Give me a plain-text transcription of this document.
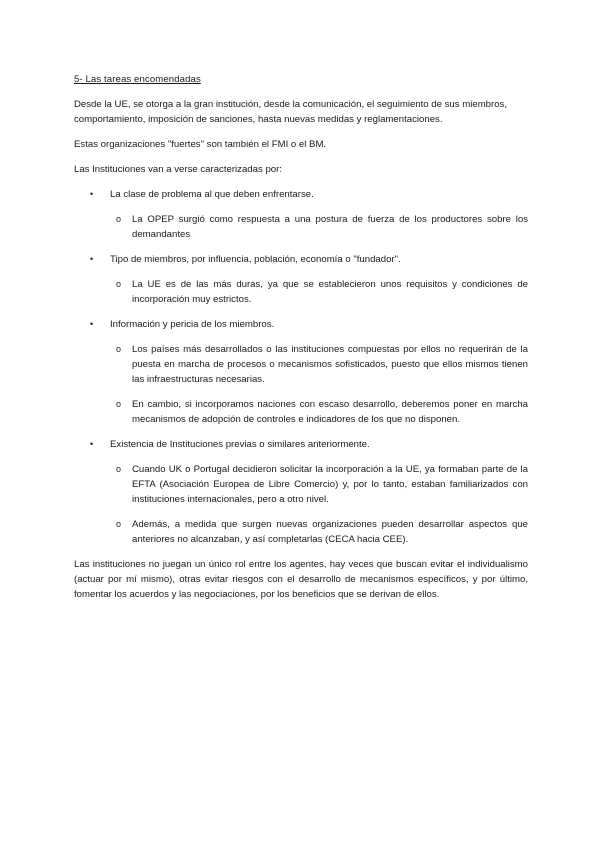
5- Las tareas encomendadas

Desde la UE, se otorga a la gran institución, desde la comunicación, el seguimiento de sus miembros, comportamiento, imposición de sanciones, hasta nuevas medidas y reglamentaciones.

Estas organizaciones "fuertes" son también el FMI o el BM.

Las Instituciones van a verse caracterizadas por:

• La clase de problema al que deben enfrentarse.
o La OPEP surgió como respuesta a una postura de fuerza de los productores sobre los demandantes
• Tipo de miembros, por influencia, población, economía o "fundador".
o La UE es de las más duras, ya que se establecieron unos requisitos y condiciones de incorporación muy estrictos.
• Información y pericia de los miembros.
o Los países más desarrollados o las instituciones compuestas por ellos no requerirán de la puesta en marcha de procesos o mecanismos sofisticados, puesto que ellos mismos tienen las infraestructuras necesarias.
o En cambio, si incorporamos naciones con escaso desarrollo, deberemos poner en marcha mecanismos de adopción de controles e indicadores de los que no disponen.
• Existencia de Instituciones previas o similares anteriormente.
o Cuando UK o Portugal decidieron solicitar la incorporación a la UE, ya formaban parte de la EFTA (Asociación Europea de Libre Comercio) y, por lo tanto, estaban familiarizados con instituciones internacionales, pero a otro nivel.
o Además, a medida que surgen nuevas organizaciones pueden desarrollar aspectos que anteriores no alcanzaban, y así completarlas (CECA hacia CEE).

Las instituciones no juegan un único rol entre los agentes, hay veces que buscan evitar el individualismo (actuar por mí mismo), otras evitar riesgos con el desarrollo de mecanismos específicos, y por último, fomentar los acuerdos y las negociaciones, por los beneficios que se derivan de ellos.
